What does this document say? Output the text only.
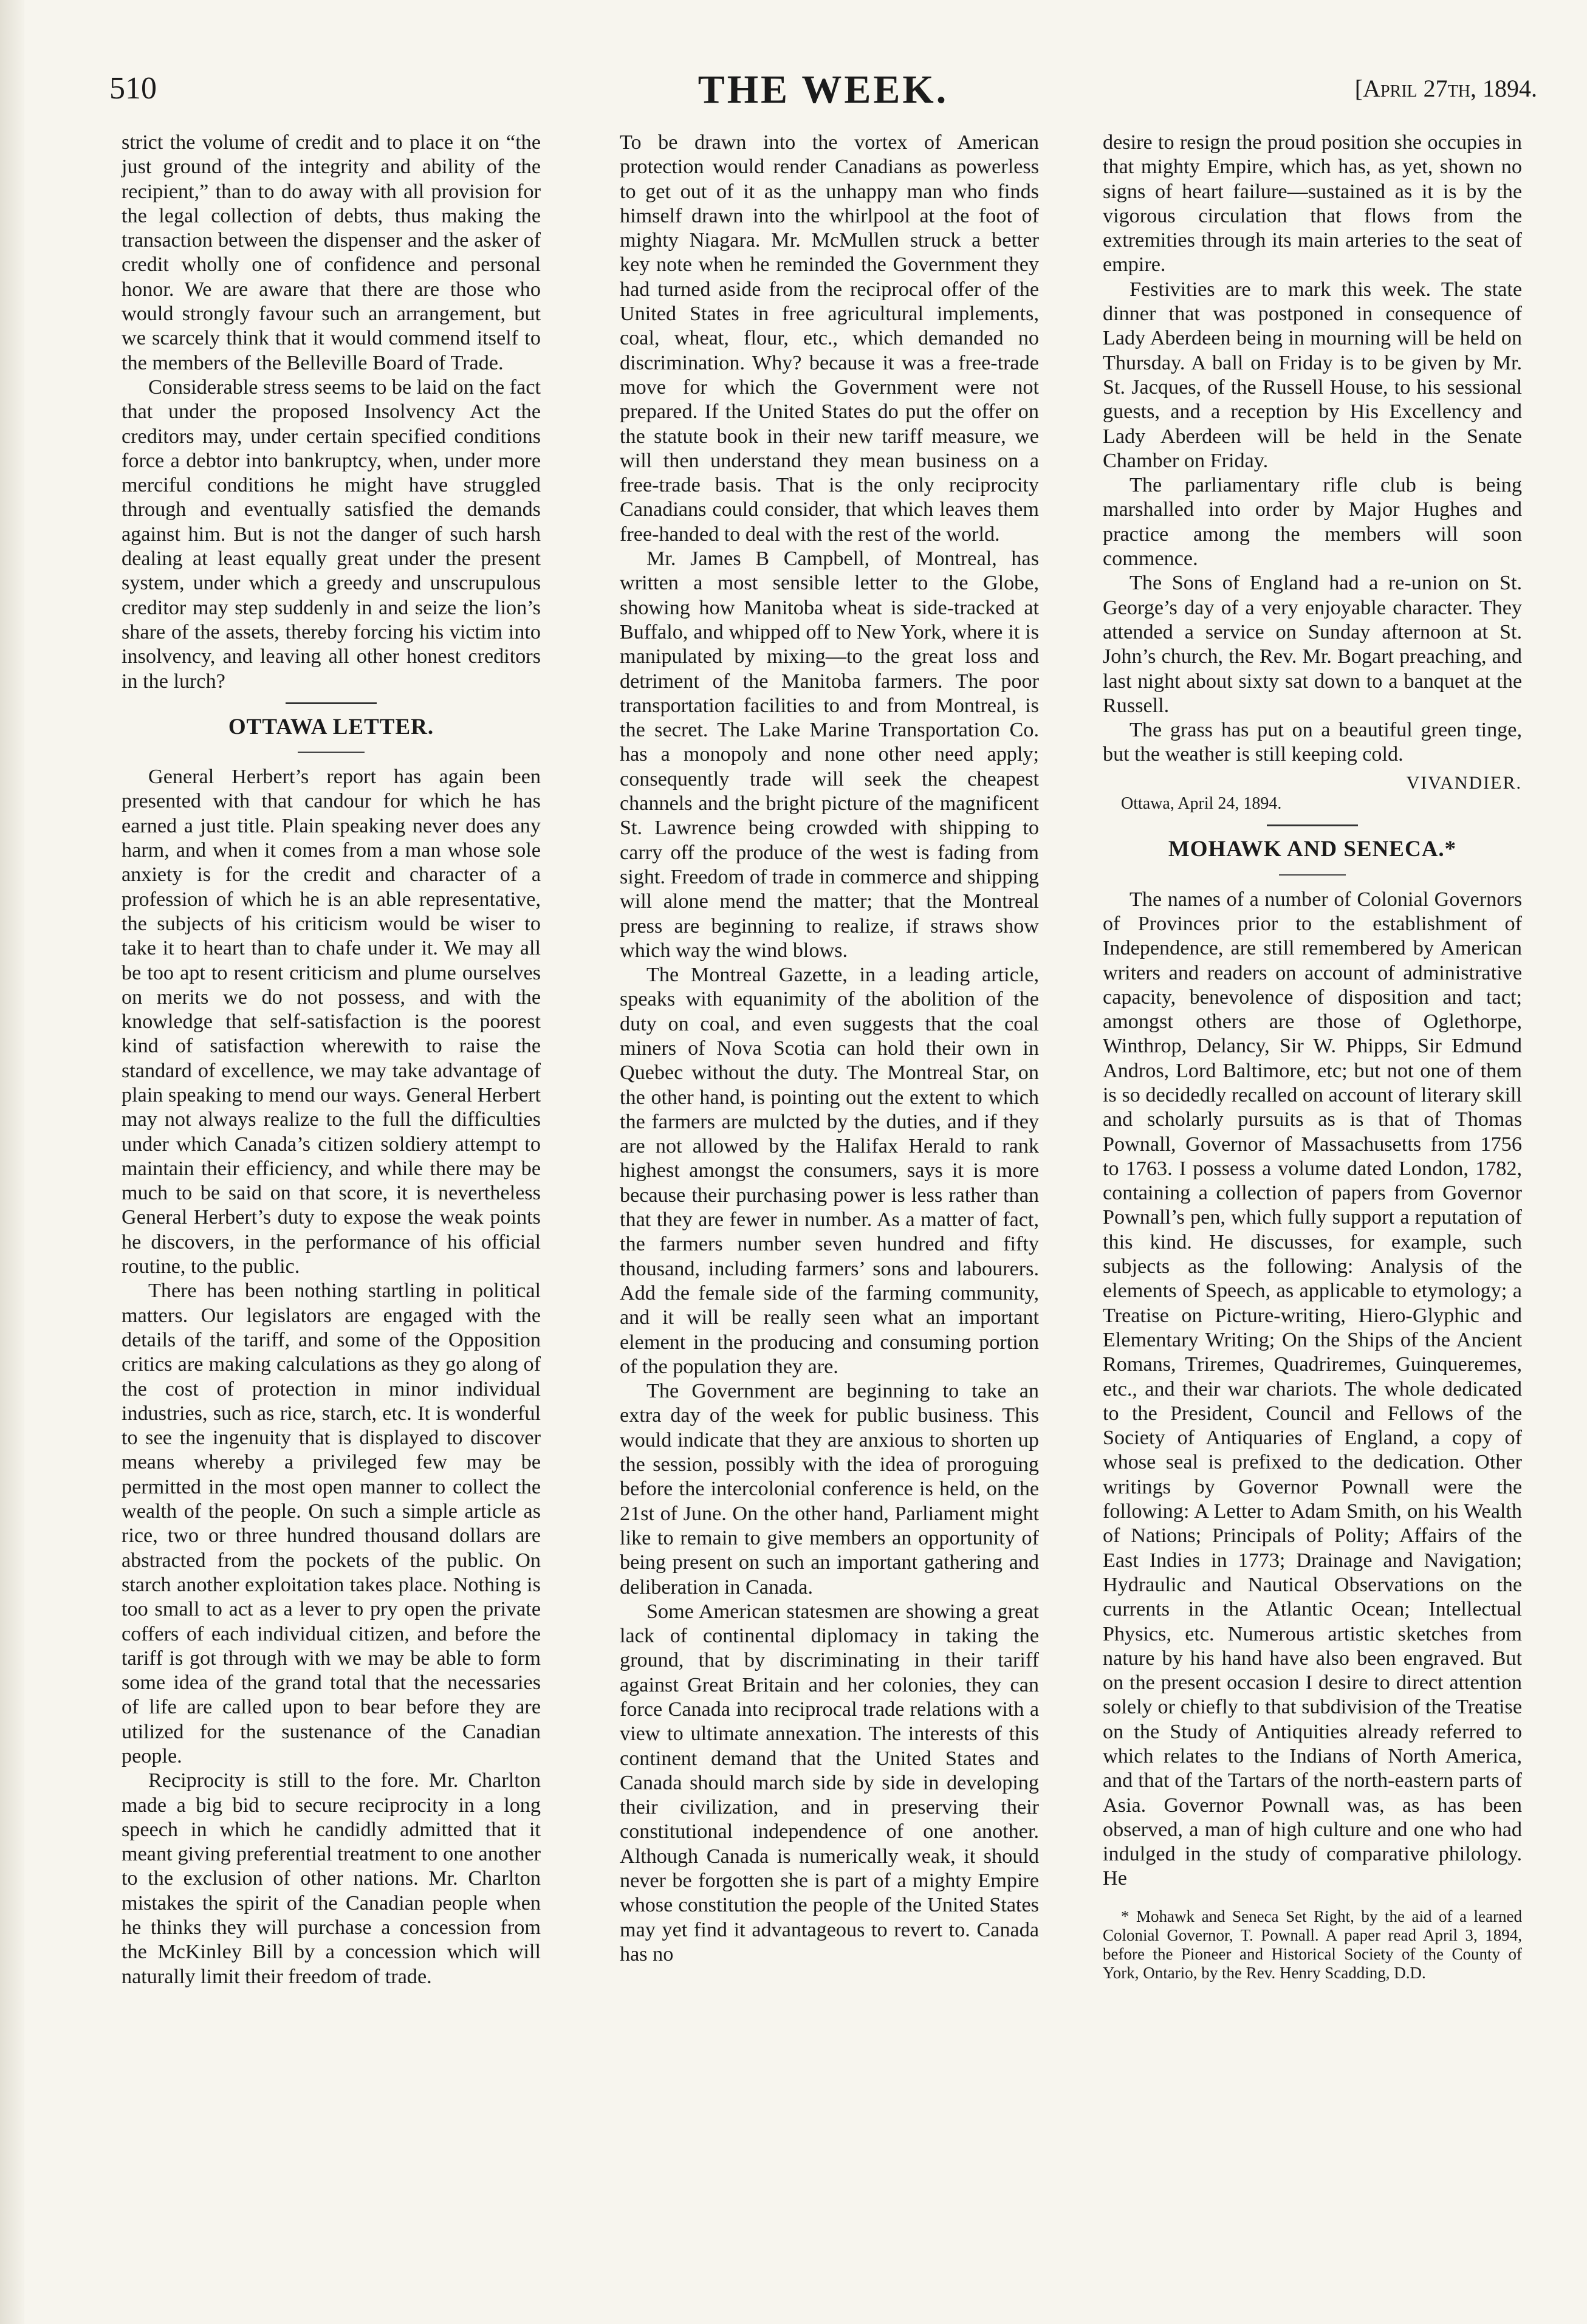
510	THE WEEK.	[April 27th, 1894.

strict the volume of credit and to place it on “the just ground of the integrity and ability of the recipient,” than to do away with all provision for the legal collection of debts, thus making the transaction between the dispenser and the asker of credit wholly one of confidence and personal honor. We are aware that there are those who would strongly favour such an arrangement, but we scarcely think that it would commend itself to the members of the Belleville Board of Trade.

Considerable stress seems to be laid on the fact that under the proposed Insolvency Act the creditors may, under certain specified conditions force a debtor into bankruptcy, when, under more merciful conditions he might have struggled through and eventually satisfied the demands against him. But is not the danger of such harsh dealing at least equally great under the present system, under which a greedy and unscrupulous creditor may step suddenly in and seize the lion’s share of the assets, thereby forcing his victim into insolvency, and leaving all other honest creditors in the lurch?

OTTAWA LETTER.

General Herbert’s report has again been presented with that candour for which he has earned a just title. Plain speaking never does any harm, and when it comes from a man whose sole anxiety is for the credit and character of a profession of which he is an able representative, the subjects of his criticism would be wiser to take it to heart than to chafe under it. We may all be too apt to resent criticism and plume ourselves on merits we do not possess, and with the knowledge that self-satisfaction is the poorest kind of satisfaction wherewith to raise the standard of excellence, we may take advantage of plain speaking to mend our ways. General Herbert may not always realize to the full the difficulties under which Canada’s citizen soldiery attempt to maintain their efficiency, and while there may be much to be said on that score, it is nevertheless General Herbert’s duty to expose the weak points he discovers, in the performance of his official routine, to the public.

There has been nothing startling in political matters. Our legislators are engaged with the details of the tariff, and some of the Opposition critics are making calculations as they go along of the cost of protection in minor individual industries, such as rice, starch, etc. It is wonderful to see the ingenuity that is displayed to discover means whereby a privileged few may be permitted in the most open manner to collect the wealth of the people. On such a simple article as rice, two or three hundred thousand dollars are abstracted from the pockets of the public. On starch another exploitation takes place. Nothing is too small to act as a lever to pry open the private coffers of each individual citizen, and before the tariff is got through with we may be able to form some idea of the grand total that the necessaries of life are called upon to bear before they are utilized for the sustenance of the Canadian people.

Reciprocity is still to the fore. Mr. Charlton made a big bid to secure reciprocity in a long speech in which he candidly admitted that it meant giving preferential treatment to one another to the exclusion of other nations. Mr. Charlton mistakes the spirit of the Canadian people when he thinks they will purchase a concession from the McKinley Bill by a concession which will naturally limit their freedom of trade.

To be drawn into the vortex of American protection would render Canadians as powerless to get out of it as the unhappy man who finds himself drawn into the whirlpool at the foot of mighty Niagara. Mr. McMullen struck a better key note when he reminded the Government they had turned aside from the reciprocal offer of the United States in free agricultural implements, coal, wheat, flour, etc., which demanded no discrimination. Why? because it was a free-trade move for which the Government were not prepared. If the United States do put the offer on the statute book in their new tariff measure, we will then understand they mean business on a free-trade basis. That is the only reciprocity Canadians could consider, that which leaves them free-handed to deal with the rest of the world.

Mr. James B Campbell, of Montreal, has written a most sensible letter to the Globe, showing how Manitoba wheat is side-tracked at Buffalo, and whipped off to New York, where it is manipulated by mixing—to the great loss and detriment of the Manitoba farmers. The poor transportation facilities to and from Montreal, is the secret. The Lake Marine Transportation Co. has a monopoly and none other need apply; consequently trade will seek the cheapest channels and the bright picture of the magnificent St. Lawrence being crowded with shipping to carry off the produce of the west is fading from sight. Freedom of trade in commerce and shipping will alone mend the matter; that the Montreal press are beginning to realize, if straws show which way the wind blows.

The Montreal Gazette, in a leading article, speaks with equanimity of the abolition of the duty on coal, and even suggests that the coal miners of Nova Scotia can hold their own in Quebec without the duty. The Montreal Star, on the other hand, is pointing out the extent to which the farmers are mulcted by the duties, and if they are not allowed by the Halifax Herald to rank highest amongst the consumers, says it is more because their purchasing power is less rather than that they are fewer in number. As a matter of fact, the farmers number seven hundred and fifty thousand, including farmers’ sons and labourers. Add the female side of the farming community, and it will be really seen what an important element in the producing and consuming portion of the population they are.

The Government are beginning to take an extra day of the week for public business. This would indicate that they are anxious to shorten up the session, possibly with the idea of proroguing before the intercolonial conference is held, on the 21st of June. On the other hand, Parliament might like to remain to give members an opportunity of being present on such an important gathering and deliberation in Canada.

Some American statesmen are showing a great lack of continental diplomacy in taking the ground, that by discriminating in their tariff against Great Britain and her colonies, they can force Canada into reciprocal trade relations with a view to ultimate annexation. The interests of this continent demand that the United States and Canada should march side by side in developing their civilization, and in preserving their constitutional independence of one another. Although Canada is numerically weak, it should never be forgotten she is part of a mighty Empire whose constitution the people of the United States may yet find it advantageous to revert to. Canada has no

desire to resign the proud position she occupies in that mighty Empire, which has, as yet, shown no signs of heart failure—sustained as it is by the vigorous circulation that flows from the extremities through its main arteries to the seat of empire.

Festivities are to mark this week. The state dinner that was postponed in consequence of Lady Aberdeen being in mourning will be held on Thursday. A ball on Friday is to be given by Mr. St. Jacques, of the Russell House, to his sessional guests, and a reception by His Excellency and Lady Aberdeen will be held in the Senate Chamber on Friday.

The parliamentary rifle club is being marshalled into order by Major Hughes and practice among the members will soon commence.

The Sons of England had a re-union on St. George’s day of a very enjoyable character. They attended a service on Sunday afternoon at St. John’s church, the Rev. Mr. Bogart preaching, and last night about sixty sat down to a banquet at the Russell.

The grass has put on a beautiful green tinge, but the weather is still keeping cold.

VIVANDIER.
Ottawa, April 24, 1894.
MOHAWK AND SENECA.*

The names of a number of Colonial Governors of Provinces prior to the establishment of Independence, are still remembered by American writers and readers on account of administrative capacity, benevolence of disposition and tact; amongst others are those of Oglethorpe, Winthrop, Delancy, Sir W. Phipps, Sir Edmund Andros, Lord Baltimore, etc; but not one of them is so decidedly recalled on account of literary skill and scholarly pursuits as is that of Thomas Pownall, Governor of Massachusetts from 1756 to 1763. I possess a volume dated London, 1782, containing a collection of papers from Governor Pownall’s pen, which fully support a reputation of this kind. He discusses, for example, such subjects as the following: Analysis of the elements of Speech, as applicable to etymology; a Treatise on Picture-writing, Hiero-Glyphic and Elementary Writing; On the Ships of the Ancient Romans, Triremes, Quadriremes, Guinqueremes, etc., and their war chariots. The whole dedicated to the President, Council and Fellows of the Society of Antiquaries of England, a copy of whose seal is prefixed to the dedication. Other writings by Governor Pownall were the following: A Letter to Adam Smith, on his Wealth of Nations; Principals of Polity; Affairs of the East Indies in 1773; Drainage and Navigation; Hydraulic and Nautical Observations on the currents in the Atlantic Ocean; Intellectual Physics, etc. Numerous artistic sketches from nature by his hand have also been engraved. But on the present occasion I desire to direct attention solely or chiefly to that subdivision of the Treatise on the Study of Antiquities already referred to which relates to the Indians of North America, and that of the Tartars of the north-eastern parts of Asia. Governor Pownall was, as has been observed, a man of high culture and one who had indulged in the study of comparative philology. He

* Mohawk and Seneca Set Right, by the aid of a learned Colonial Governor, T. Pownall. A paper read April 3, 1894, before the Pioneer and Historical Society of the County of York, Ontario, by the Rev. Henry Scadding, D.D.
